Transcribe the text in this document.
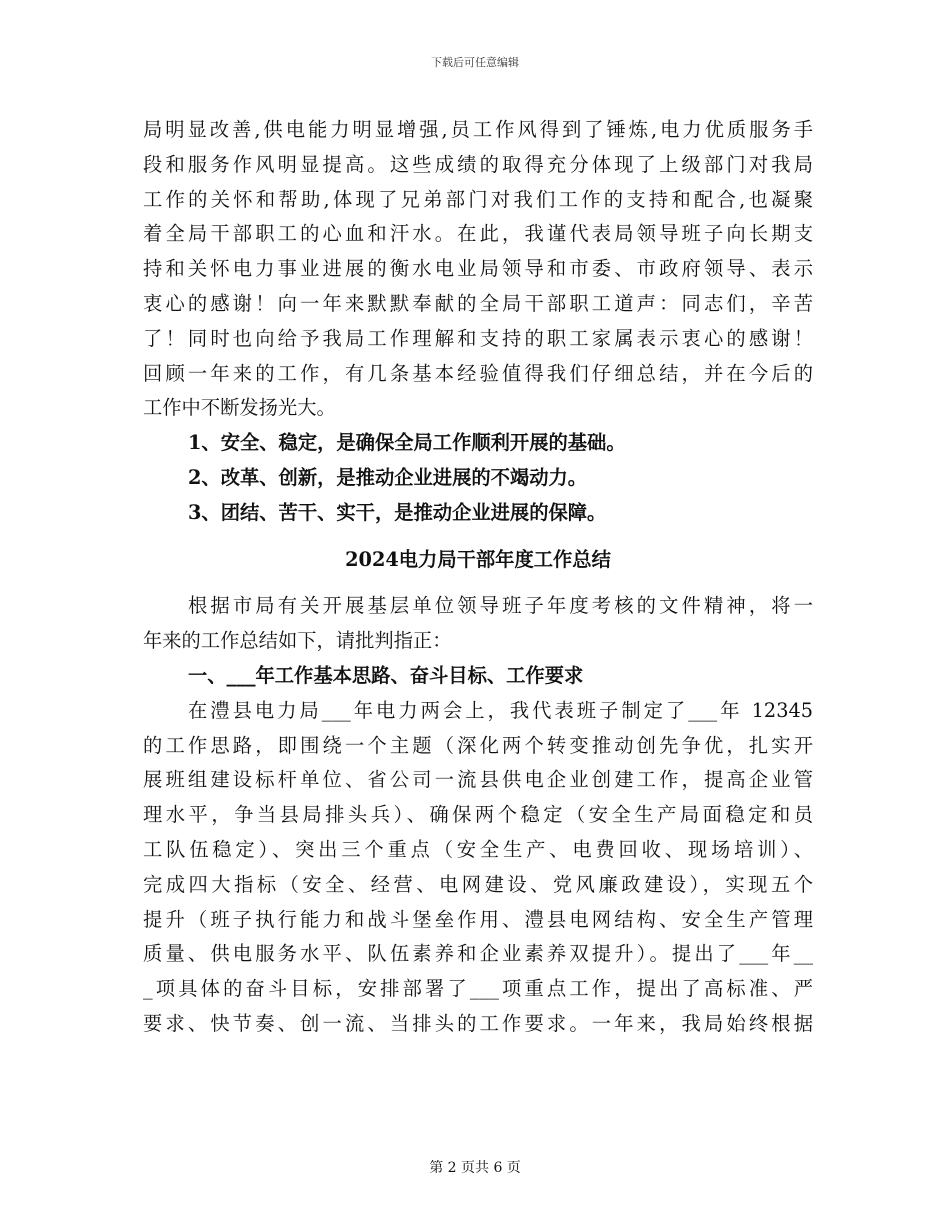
下载后可任意编辑
局明显改善,供电能力明显增强,员工作风得到了锤炼,电力优质服务手
段和服务作风明显提高。这些成绩的取得充分体现了上级部门对我局
工作的关怀和帮助,体现了兄弟部门对我们工作的支持和配合,也凝聚
着全局干部职工的心血和汗水。在此，我谨代表局领导班子向长期支
持和关怀电力事业进展的衡水电业局领导和市委、市政府领导、表示
衷心的感谢！向一年来默默奉献的全局干部职工道声：同志们，辛苦
了！同时也向给予我局工作理解和支持的职工家属表示衷心的感谢！
回顾一年来的工作，有几条基本经验值得我们仔细总结，并在今后的
工作中不断发扬光大。
1、安全、稳定，是确保全局工作顺利开展的基础。
2、改革、创新，是推动企业进展的不竭动力。
3、团结、苦干、实干，是推动企业进展的保障。
2024电力局干部年度工作总结
根据市局有关开展基层单位领导班子年度考核的文件精神，将一
年来的工作总结如下，请批判指正：
一、___年工作基本思路、奋斗目标、工作要求
在澧县电力局___年电力两会上，我代表班子制定了___年 12345
的工作思路，即围绕一个主题（深化两个转变推动创先争优，扎实开
展班组建设标杆单位、省公司一流县供电企业创建工作，提高企业管
理水平，争当县局排头兵）、确保两个稳定（安全生产局面稳定和员
工队伍稳定）、突出三个重点（安全生产、电费回收、现场培训）、
完成四大指标（安全、经营、电网建设、党风廉政建设），实现五个
提升（班子执行能力和战斗堡垒作用、澧县电网结构、安全生产管理
质量、供电服务水平、队伍素养和企业素养双提升）。提出了___年__
_项具体的奋斗目标，安排部署了___项重点工作，提出了高标准、严
要求、快节奏、创一流、当排头的工作要求。一年来，我局始终根据
第 2 页共 6 页
